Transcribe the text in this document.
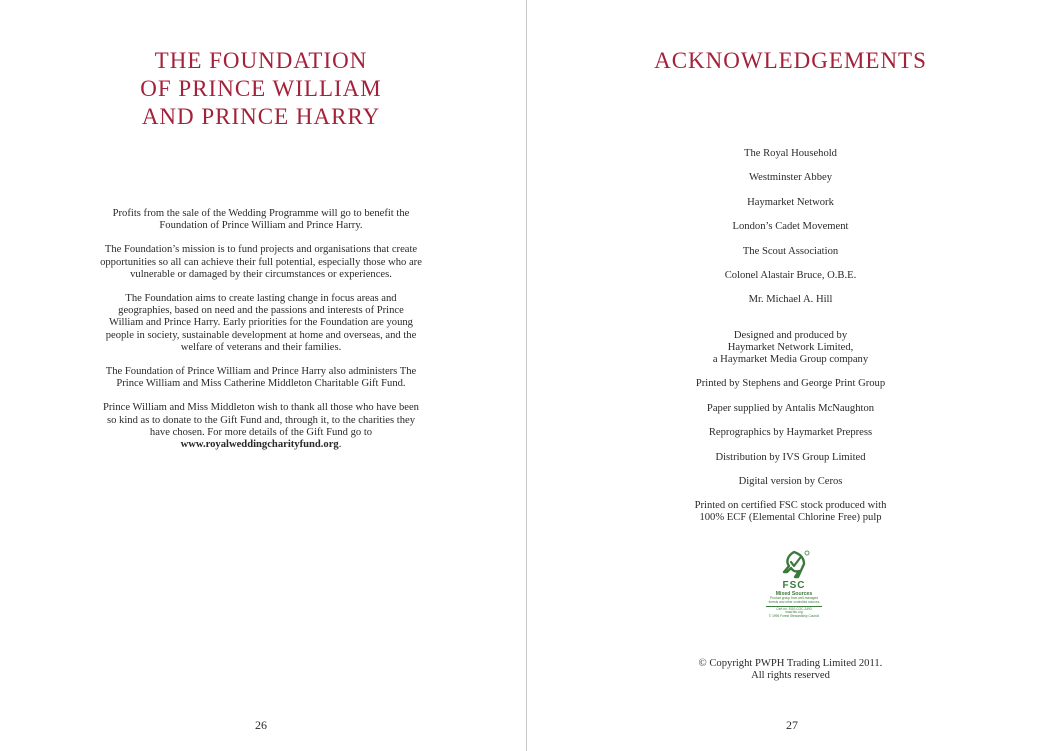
THE FOUNDATION
OF PRINCE WILLIAM
AND PRINCE HARRY

Profits from the sale of the Wedding Programme will go to benefit the Foundation of Prince William and Prince Harry.

The Foundation’s mission is to fund projects and organisations that create opportunities so all can achieve their full potential, especially those who are vulnerable or damaged by their circumstances or experiences.

The Foundation aims to create lasting change in focus areas and geographies, based on need and the passions and interests of Prince William and Prince Harry. Early priorities for the Foundation are young people in society, sustainable development at home and overseas, and the welfare of veterans and their families.

The Foundation of Prince William and Prince Harry also administers The Prince William and Miss Catherine Middleton Charitable Gift Fund.

Prince William and Miss Middleton wish to thank all those who have been so kind as to donate to the Gift Fund and, through it, to the charities they have chosen. For more details of the Gift Fund go to www.royalweddingcharityfund.org.

26
ACKNOWLEDGEMENTS
The Royal Household
Westminster Abbey
Haymarket Network
London’s Cadet Movement
The Scout Association
Colonel Alastair Bruce, O.B.E.
Mr. Michael A. Hill
Designed and produced by
Haymarket Network Limited,
a Haymarket Media Group company
Printed by Stephens and George Print Group
Paper supplied by Antalis McNaughton
Reprographics by Haymarket Prepress
Distribution by IVS Group Limited
Digital version by Ceros
Printed on certified FSC stock produced with
100% ECF (Elemental Chlorine Free) pulp
FSC
Mixed Sources
Product group from well-managed
forests and other controlled sources
Cert no. SGS-COC-2493
www.fsc.org
© 1996 Forest Stewardship Council
© Copyright PWPH Trading Limited 2011.
All rights reserved
27
